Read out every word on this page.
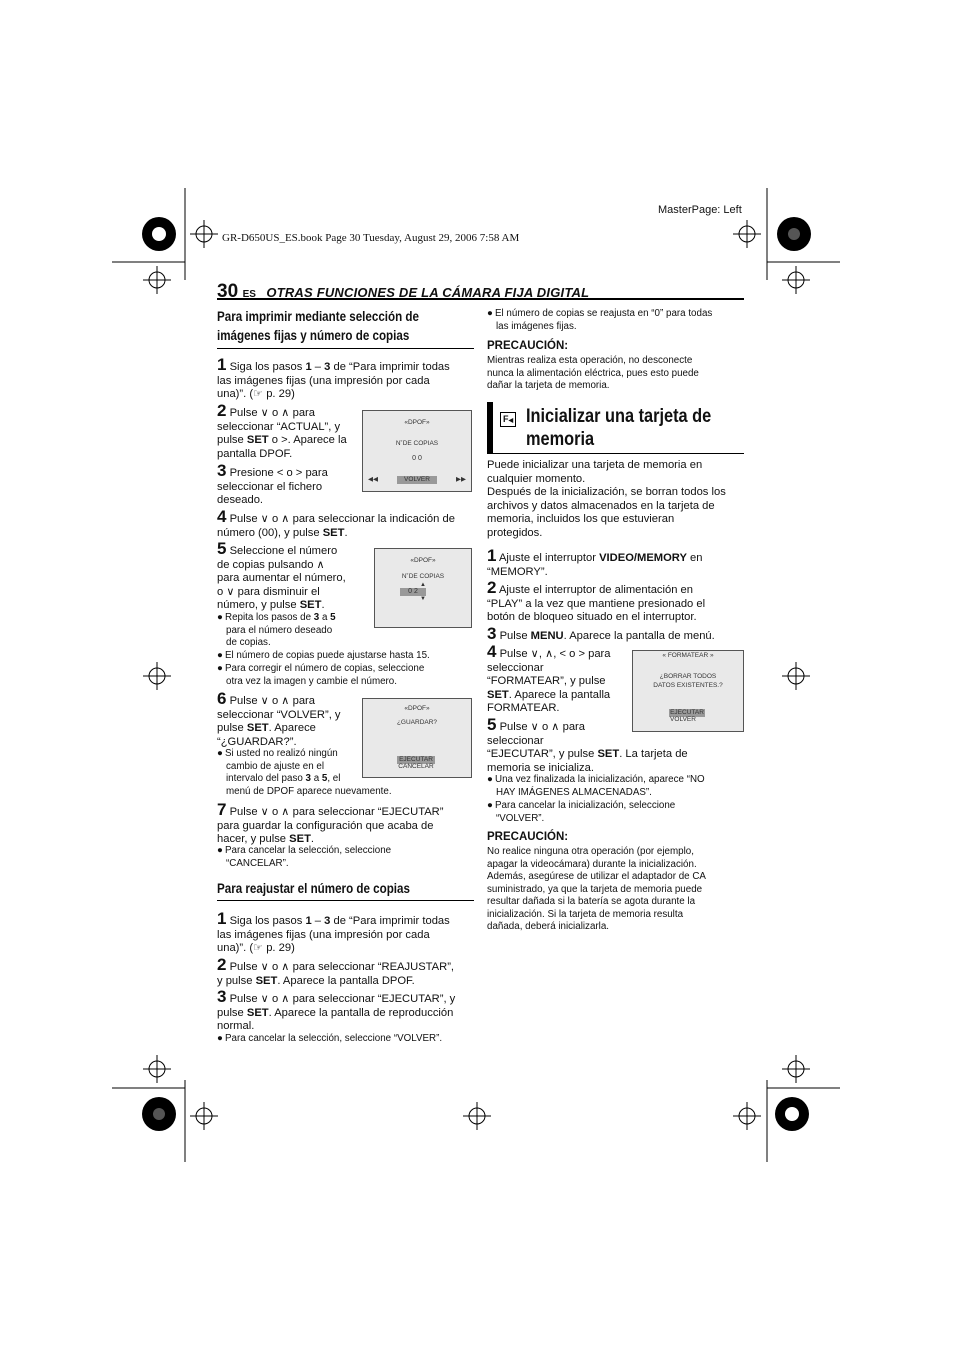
MasterPage: Left
GR-D650US_ES.book Page 30 Tuesday, August 29, 2006 7:58 AM
30 ES OTRAS FUNCIONES DE LA CÁMARA FIJA DIGITAL
Para imprimir mediante selección de
imágenes fijas y número de copias
1 Siga los pasos 1 – 3 de “Para imprimir todas
las imágenes fijas (una impresión por cada
una)”. (☞ p. 29)
2 Pulse ∨ o ∧ para
seleccionar “ACTUAL”, y
pulse SET o >. Aparece la
pantalla DPOF.
3 Presione < o > para
seleccionar el fichero
deseado.
«DPOF»
N˚DE COPIAS
0 0
◀◀	VOLVER	▶▶
4 Pulse ∨ o ∧ para seleccionar la indicación de
número (00), y pulse SET.
5 Seleccione el número
de copias pulsando ∧
para aumentar el número,
o ∨ para disminuir el
número, y pulse SET.
«DPOF»
N˚DE COPIAS
▲
0 2
▼
● Repita los pasos de 3 a 5
para el número deseado
de copias.
● El número de copias puede ajustarse hasta 15.
● Para corregir el número de copias, seleccione
otra vez la imagen y cambie el número.
6 Pulse ∨ o ∧ para
seleccionar “VOLVER”, y
pulse SET. Aparece
“¿GUARDAR?”.
«DPOF»
¿GUARDAR?
EJECUTAR
CANCELAR
● Si usted no realizó ningún
cambio de ajuste en el
intervalo del paso 3 a 5, el
menú de DPOF aparece nuevamente.
7 Pulse ∨ o ∧ para seleccionar “EJECUTAR”
para guardar la configuración que acaba de
hacer, y pulse SET.
● Para cancelar la selección, seleccione
“CANCELAR”.
Para reajustar el número de copias
1 Siga los pasos 1 – 3 de “Para imprimir todas
las imágenes fijas (una impresión por cada
una)”. (☞ p. 29)
2 Pulse ∨ o ∧ para seleccionar “REAJUSTAR”,
y pulse SET. Aparece la pantalla DPOF.
3 Pulse ∨ o ∧ para seleccionar “EJECUTAR”, y
pulse SET. Aparece la pantalla de reproducción
normal.
● Para cancelar la selección, seleccione “VOLVER”.
● El número de copias se reajusta en “0” para todas
las imágenes fijas.
PRECAUCIÓN:
Mientras realiza esta operación, no desconecte
nunca la alimentación eléctrica, pues esto puede
dañar la tarjeta de memoria.
F◀ Inicializar una tarjeta de
memoria
Puede inicializar una tarjeta de memoria en
cualquier momento.
Después de la inicialización, se borran todos los
archivos y datos almacenados en la tarjeta de
memoria, incluidos los que estuvieran
protegidos.
1 Ajuste el interruptor VIDEO/MEMORY en
“MEMORY”.
2 Ajuste el interruptor de alimentación en
“PLAY” a la vez que mantiene presionado el
botón de bloqueo situado en el interruptor.
3 Pulse MENU. Aparece la pantalla de menú.
4 Pulse ∨, ∧, < o > para
seleccionar
“FORMATEAR”, y pulse
SET. Aparece la pantalla
FORMATEAR.
« FORMATEAR »
¿BORRAR TODOS
DATOS EXISTENTES.?
EJECUTAR
VOLVER
5 Pulse ∨ o ∧ para
seleccionar
“EJECUTAR”, y pulse SET. La tarjeta de
memoria se inicializa.
● Una vez finalizada la inicialización, aparece “NO
HAY IMÁGENES ALMACENADAS”.
● Para cancelar la inicialización, seleccione
“VOLVER”.
PRECAUCIÓN:
No realice ninguna otra operación (por ejemplo,
apagar la videocámara) durante la inicialización.
Además, asegúrese de utilizar el adaptador de CA
suministrado, ya que la tarjeta de memoria puede
resultar dañada si la batería se agota durante la
inicialización. Si la tarjeta de memoria resulta
dañada, deberá inicializarla.
